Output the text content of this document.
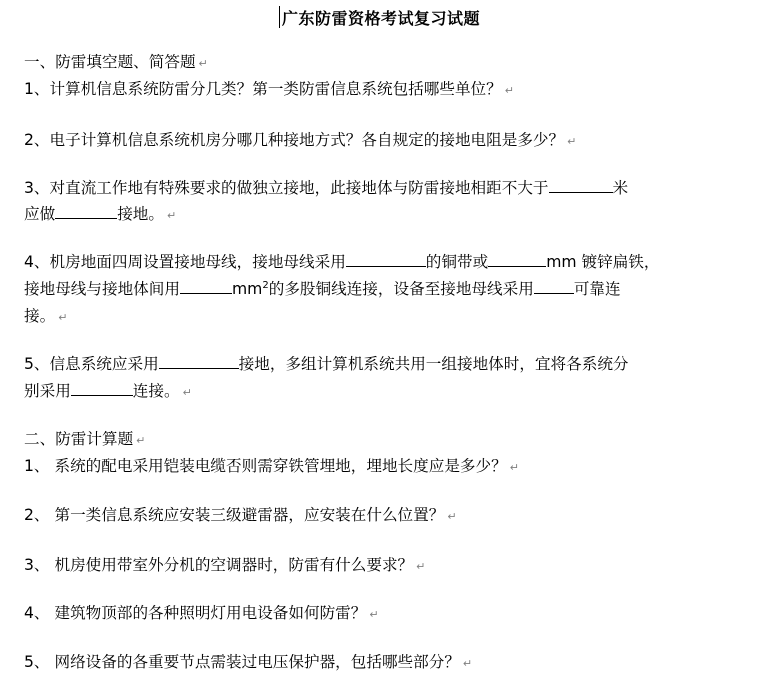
广东防雷资格考试复习试题
一、防雷填空题、简答题 ↵
1、计算机信息系统防雷分几类？第一类防雷信息系统包括哪些单位？ ↵
2、电子计算机信息系统机房分哪几种接地方式？各自规定的接地电阻是多少？ ↵
3、对直流工作地有特殊要求的做独立接地，此接地体与防雷接地相距不大于	米
应做	接地。 ↵
4、机房地面四周设置接地母线，接地母线采用	的铜带或	mm 镀锌扁铁，
接地母线与接地体间用	$mm^2$的多股铜线连接，设备至接地母线采用	可靠连
接。 ↵
5、信息系统应采用	接地，多组计算机系统共用一组接地体时，宜将各系统分
别采用	连接。 ↵
二、防雷计算题 ↵
1、 系统的配电采用铠装电缆否则需穿铁管埋地，埋地长度应是多少？ ↵
2、 第一类信息系统应安装三级避雷器，应安装在什么位置？ ↵
3、 机房使用带室外分机的空调器时，防雷有什么要求？ ↵
4、 建筑物顶部的各种照明灯用电设备如何防雷？ ↵
5、 网络设备的各重要节点需装过电压保护器，包括哪些部分？ ↵
